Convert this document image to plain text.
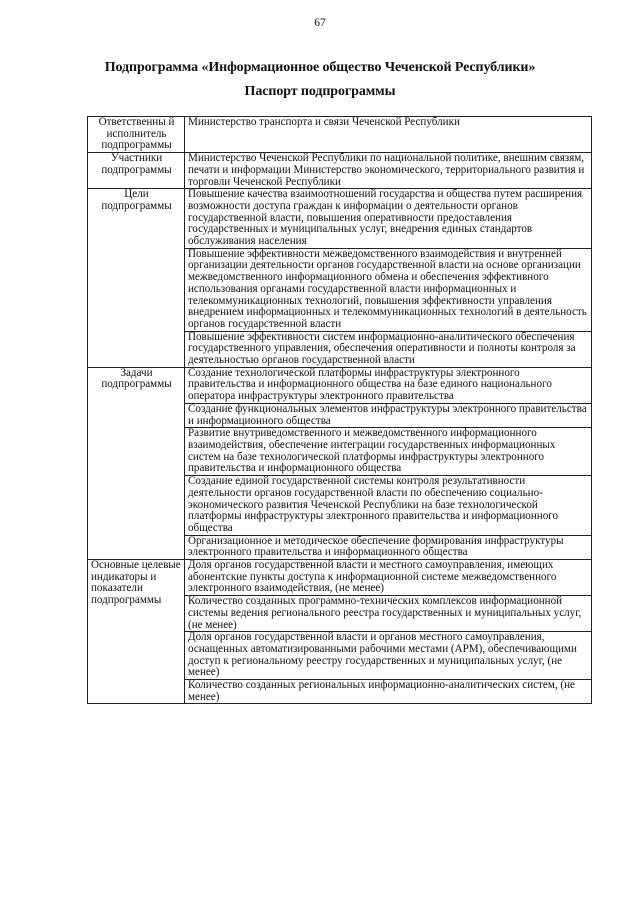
67
Подпрограмма «Информационное общество Чеченской Республики»
Паспорт подпрограммы
Ответственны й исполнитель подпрограммы	Министерство транспорта и связи Чеченской Республики
Участники подпрограммы	Министерство Чеченской Республики по национальной политике, внешним связям, печати и информации Министерство экономического, территориального развития и торговли Чеченской Республики
Цели подпрограммы	Повышение качества взаимоотношений государства и общества путем расширения возможности доступа граждан к информации о деятельности органов государственной власти, повышения оперативности предоставления государственных и муниципальных услуг, внедрения единых стандартов обслуживания населения
	Повышение эффективности межведомственного взаимодействия и внутренней организации деятельности органов государственной власти на основе организации межведомственного информационного обмена и обеспечения эффективного использования органами государственной власти информационных и телекоммуникационных технологий, повышения эффективности управления внедрением информационных и телекоммуникационных технологий в деятельность органов государственной власти
	Повышение эффективности систем информационно-аналитического обеспечения государственного управления, обеспечения оперативности и полноты контроля за деятельностью органов государственной власти
Задачи подпрограммы	Создание технологической платформы инфраструктуры электронного правительства и информационного общества на базе единого национального оператора инфраструктуры электронного правительства
	Создание функциональных элементов инфраструктуры электронного правительства и информационного общества
	Развитие внутриведомственного и межведомственного информационного взаимодействия, обеспечение интеграции государственных информационных систем на базе технологической платформы инфраструктуры электронного правительства и информационного общества
	Создание единой государственной системы контроля результативности деятельности органов государственной власти по обеспечению социально-экономического развития Чеченской Республики на базе технологической платформы инфраструктуры электронного правительства и информационного общества
	Организационное и методическое обеспечение формирования инфраструктуры электронного правительства и информационного общества
Основные целевые индикаторы и показатели подпрограммы	Доля органов государственной власти и местного самоуправления, имеющих абонентские пункты доступа к информационной системе межведомственного электронного взаимодействия, (не менее)
	Количество созданных программно-технических комплексов информационной системы ведения регионального реестра государственных и муниципальных услуг, (не менее)
	Доля органов государственной власти и органов местного самоуправления, оснащенных автоматизированными рабочими местами (АРМ), обеспечивающими доступ к региональному реестру государственных и муниципальных услуг, (не менее)
	Количество созданных региональных информационно-аналитических систем, (не менее)
